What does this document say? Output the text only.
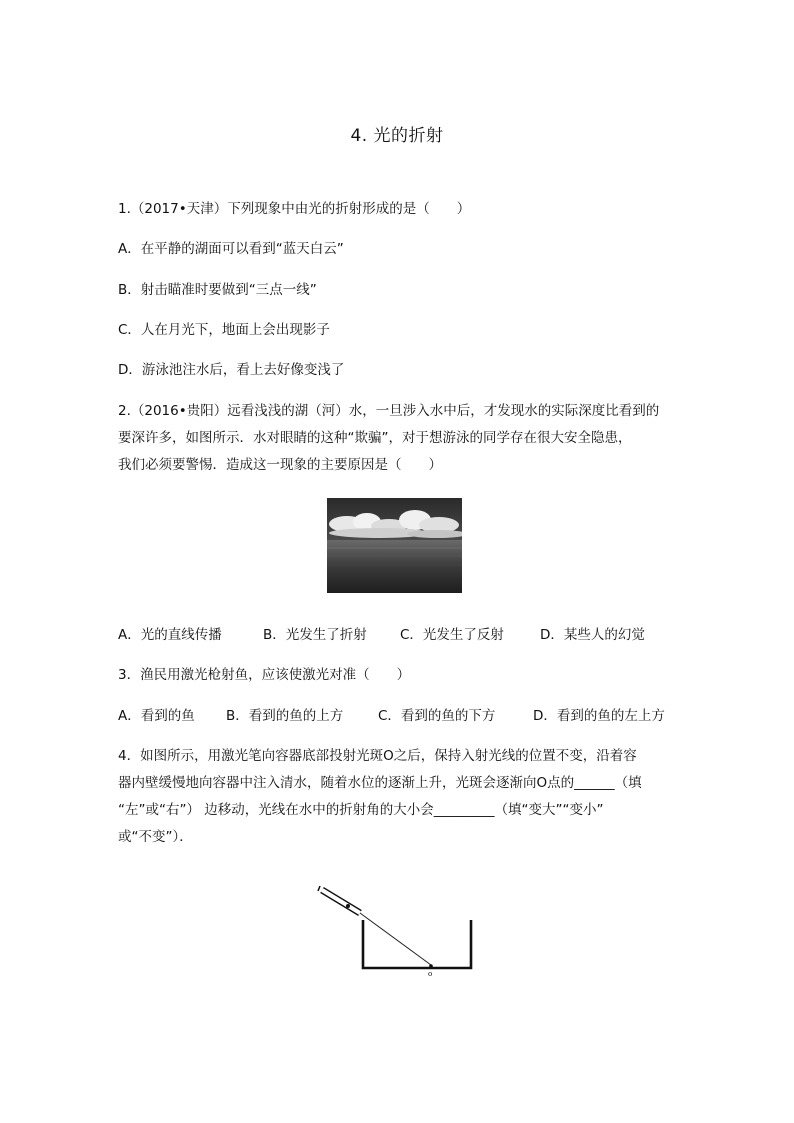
4. 光的折射
1.（2017•天津）下列现象中由光的折射形成的是（　　）
A．在平静的湖面可以看到“蓝天白云”
B．射击瞄准时要做到“三点一线”
C．人在月光下，地面上会出现影子
D．游泳池注水后，看上去好像变浅了
2.（2016•贵阳）远看浅浅的湖（河）水，一旦涉入水中后，才发现水的实际深度比看到的
要深许多，如图所示．水对眼睛的这种“欺骗”，对于想游泳的同学存在很大安全隐患，
我们必须要警惕．造成这一现象的主要原因是（　　）
A．光的直线传播	B．光发生了折射 C．光发生了反射	D．某些人的幻觉
3．渔民用激光枪射鱼，应该使激光对准（　　）
A．看到的鱼 B．看到的鱼的上方	C．看到的鱼的下方	D．看到的鱼的左上方
4．如图所示，用激光笔向容器底部投射光斑O之后，保持入射光线的位置不变，沿着容
器内壁缓慢地向容器中注入清水，随着水位的逐渐上升，光斑会逐渐向O点的______（填
“左”或“右”） 边移动，光线在水中的折射角的大小会_________（填“变大”“变小”
或“不变”）．
o
